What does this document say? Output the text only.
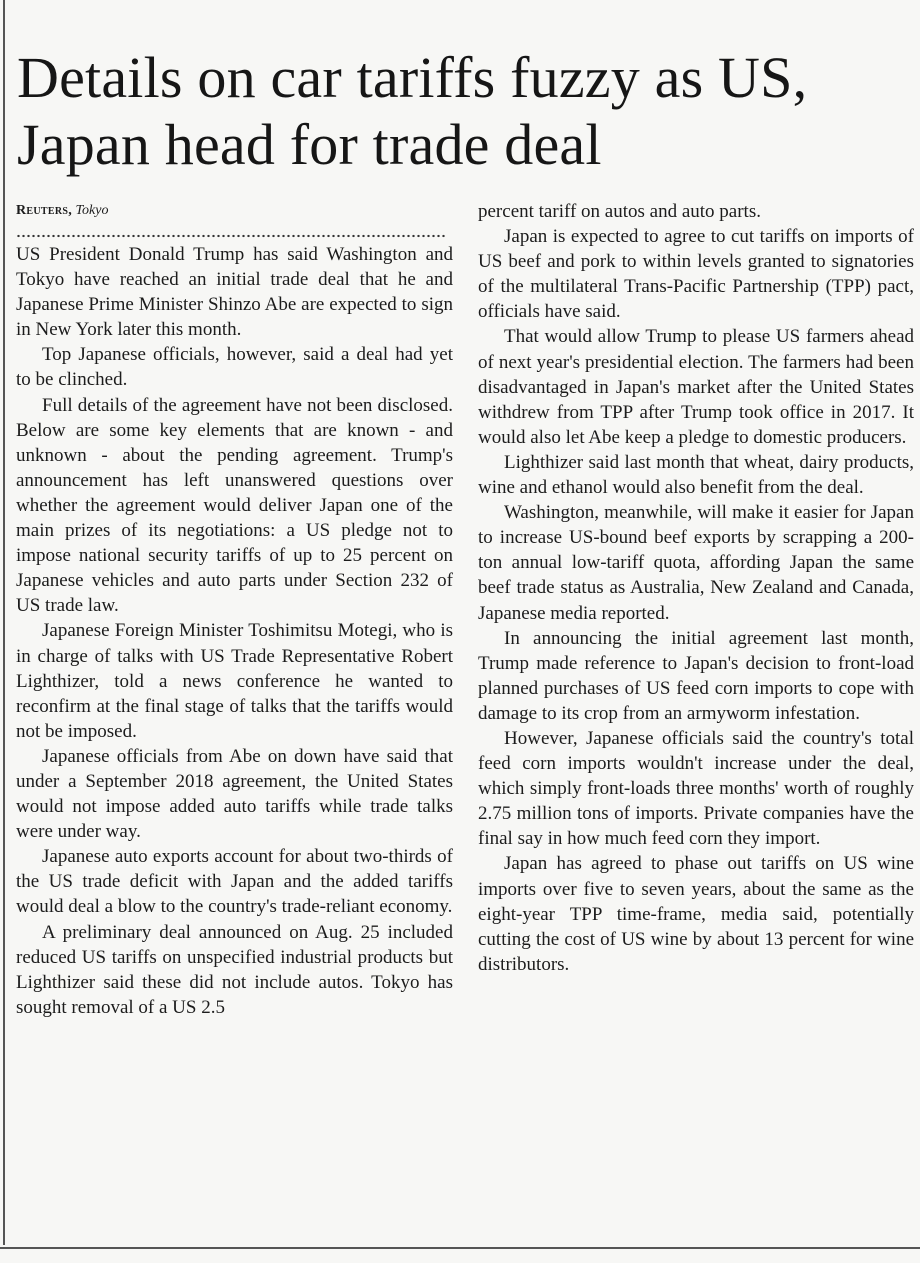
Details on car tariffs fuzzy as US, Japan head for trade deal

Reuters, Tokyo

US President Donald Trump has said Washington and Tokyo have reached an initial trade deal that he and Japanese Prime Minister Shinzo Abe are expected to sign in New York later this month.

Top Japanese officials, however, said a deal had yet to be clinched.

Full details of the agreement have not been disclosed. Below are some key elements that are known - and unknown - about the pending agreement. Trump's announcement has left unanswered questions over whether the agreement would deliver Japan one of the main prizes of its negotiations: a US pledge not to impose national security tariffs of up to 25 percent on Japanese vehicles and auto parts under Section 232 of US trade law.

Japanese Foreign Minister Toshimitsu Motegi, who is in charge of talks with US Trade Representative Robert Lighthizer, told a news conference he wanted to reconfirm at the final stage of talks that the tariffs would not be imposed.

Japanese officials from Abe on down have said that under a September 2018 agreement, the United States would not impose added auto tariffs while trade talks were under way.

Japanese auto exports account for about two-thirds of the US trade deficit with Japan and the added tariffs would deal a blow to the country's trade-reliant economy.

A preliminary deal announced on Aug. 25 included reduced US tariffs on unspecified industrial products but Lighthizer said these did not include autos. Tokyo has sought removal of a US 2.5

percent tariff on autos and auto parts.

Japan is expected to agree to cut tariffs on imports of US beef and pork to within levels granted to signatories of the multilateral Trans-Pacific Partnership (TPP) pact, officials have said.

That would allow Trump to please US farmers ahead of next year's presidential election. The farmers had been disadvantaged in Japan's market after the United States withdrew from TPP after Trump took office in 2017. It would also let Abe keep a pledge to domestic producers.

Lighthizer said last month that wheat, dairy products, wine and ethanol would also benefit from the deal.

Washington, meanwhile, will make it easier for Japan to increase US-bound beef exports by scrapping a 200-ton annual low-tariff quota, affording Japan the same beef trade status as Australia, New Zealand and Canada, Japanese media reported.

In announcing the initial agreement last month, Trump made reference to Japan's decision to front-load planned purchases of US feed corn imports to cope with damage to its crop from an armyworm infestation.

However, Japanese officials said the country's total feed corn imports wouldn't increase under the deal, which simply front-loads three months' worth of roughly 2.75 million tons of imports. Private companies have the final say in how much feed corn they import.

Japan has agreed to phase out tariffs on US wine imports over five to seven years, about the same as the eight-year TPP time-frame, media said, potentially cutting the cost of US wine by about 13 percent for wine distributors.
